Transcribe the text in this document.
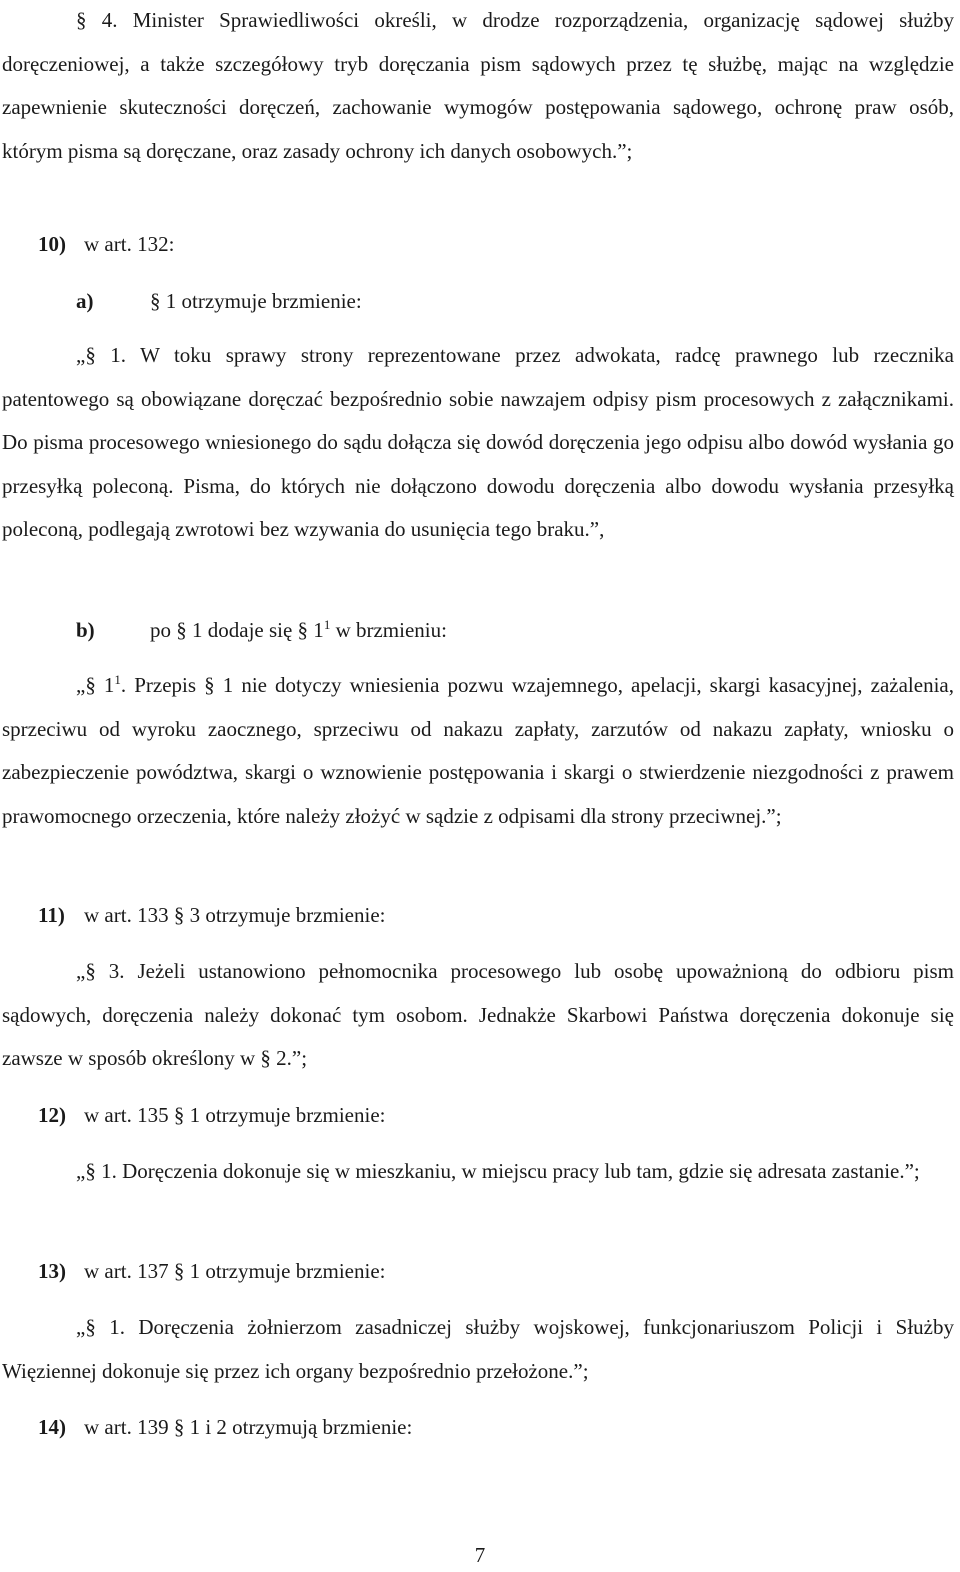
§ 4. Minister Sprawiedliwości określi, w drodze rozporządzenia, organizację sądowej służby doręczeniowej, a także szczegółowy tryb doręczania pism sądowych przez tę służbę, mając na względzie zapewnienie skuteczności doręczeń, zachowanie wymogów postępowania sądowego, ochronę praw osób, którym pisma są doręczane, oraz zasady ochrony ich danych osobowych.”;

10) w art. 132:
a)	§ 1 otrzymuje brzmienie:

„§ 1. W toku sprawy strony reprezentowane przez adwokata, radcę prawnego lub rzecznika patentowego są obowiązane doręczać bezpośrednio sobie nawzajem odpisy pism procesowych z załącznikami. Do pisma procesowego wniesionego do sądu dołącza się dowód doręczenia jego odpisu albo dowód wysłania go przesyłką poleconą. Pisma, do których nie dołączono dowodu doręczenia albo dowodu wysłania przesyłką poleconą, podlegają zwrotowi bez wzywania do usunięcia tego braku.”,

b)	po § 1 dodaje się § $1^1$ w brzmieniu:

„§ $1^1$. Przepis § 1 nie dotyczy wniesienia pozwu wzajemnego, apelacji, skargi kasacyjnej, zażalenia, sprzeciwu od wyroku zaocznego, sprzeciwu od nakazu zapłaty, zarzutów od nakazu zapłaty, wniosku o zabezpieczenie powództwa, skargi o wznowienie postępowania i skargi o stwierdzenie niezgodności z prawem prawomocnego orzeczenia, które należy złożyć w sądzie z odpisami dla strony przeciwnej.”;

11) w art. 133 § 3 otrzymuje brzmienie:

„§ 3. Jeżeli ustanowiono pełnomocnika procesowego lub osobę upoważnioną do odbioru pism sądowych, doręczenia należy dokonać tym osobom. Jednakże Skarbowi Państwa doręczenia dokonuje się zawsze w sposób określony w § 2.”;

12) w art. 135 § 1 otrzymuje brzmienie:

„§ 1. Doręczenia dokonuje się w mieszkaniu, w miejscu pracy lub tam, gdzie się adresata zastanie.”;

13) w art. 137 § 1 otrzymuje brzmienie:

„§ 1. Doręczenia żołnierzom zasadniczej służby wojskowej, funkcjonariuszom Policji i Służby Więziennej dokonuje się przez ich organy bezpośrednio przełożone.”;

14) w art. 139 § 1 i 2 otrzymują brzmienie:
7
